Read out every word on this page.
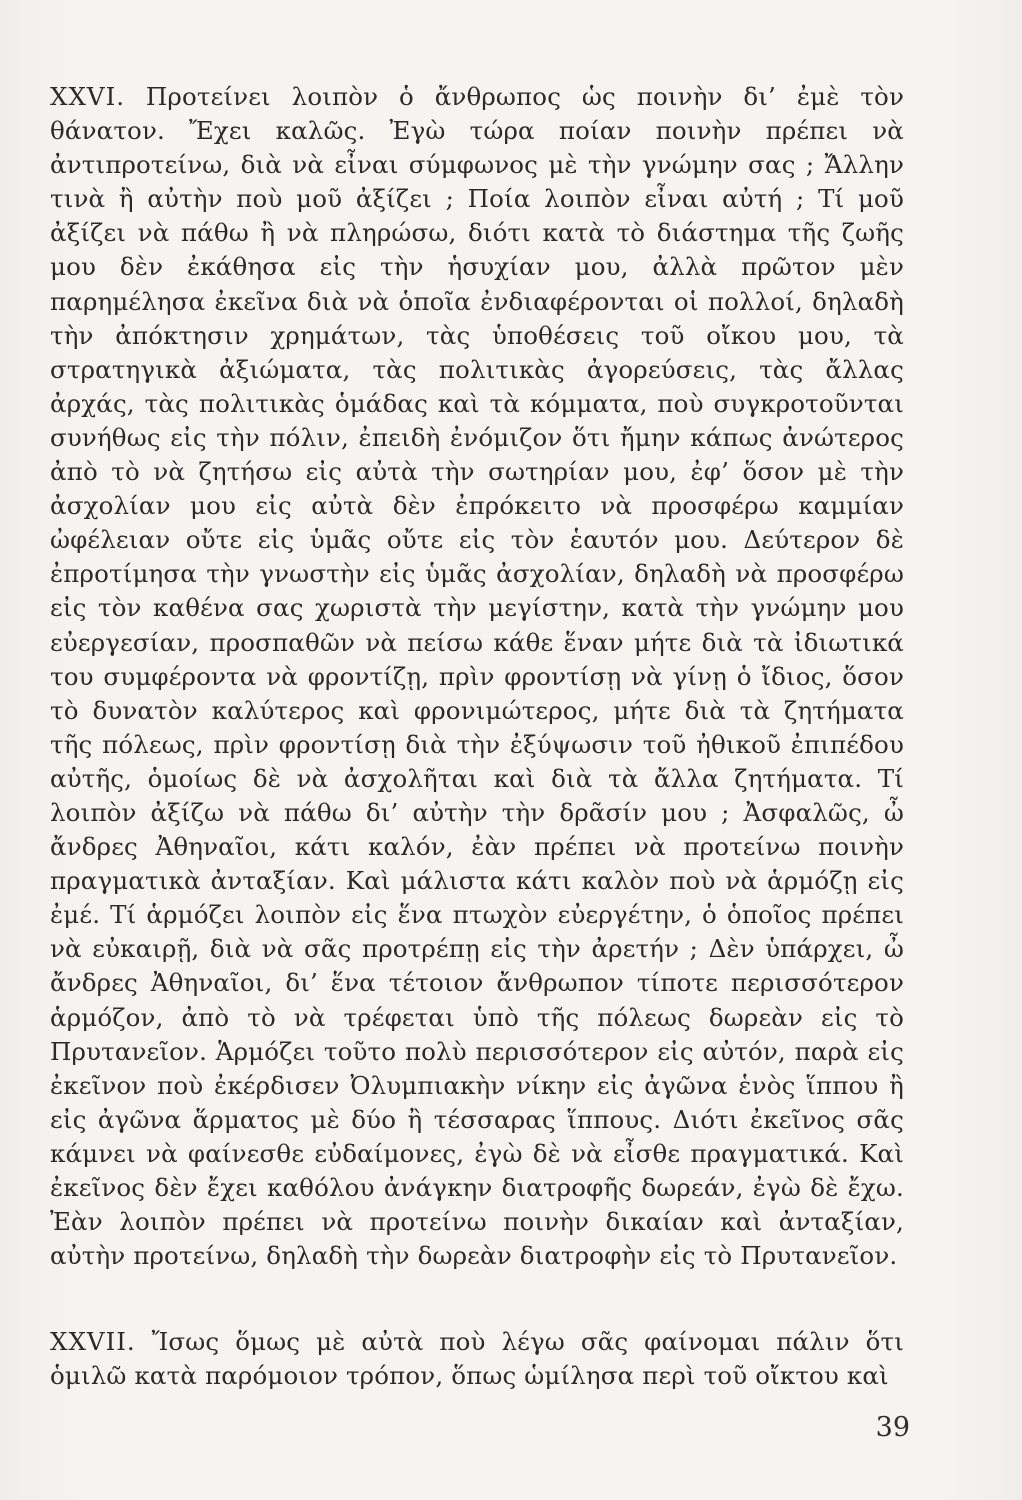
XXVI. Προτείνει λοιπὸν ὁ ἄνθρωπος ὡς ποινὴν δι’ ἐμὲ τὸν θάνατον. Ἔχει καλῶς. Ἐγὼ τώρα ποίαν ποινὴν πρέπει νὰ ἀντιπροτείνω, διὰ νὰ εἶναι σύμφωνος μὲ τὴν γνώμην σας ; Ἄλλην τινὰ ἢ αὐτὴν ποὺ μοῦ ἀξίζει ; Ποία λοιπὸν εἶναι αὐτή ; Τί μοῦ ἀξίζει νὰ πάθω ἢ νὰ πληρώσω, διότι κατὰ τὸ διάστημα τῆς ζωῆς μου δὲν ἐκάθησα εἰς τὴν ἡσυχίαν μου, ἀλλὰ πρῶτον μὲν παρημέλησα ἐκεῖνα διὰ νὰ ὁποῖα ἐνδιαφέρονται οἱ πολλοί, δηλαδὴ τὴν ἀπόκτησιν χρημάτων, τὰς ὑποθέσεις τοῦ οἴκου μου, τὰ στρατηγικὰ ἀξιώματα, τὰς πολιτικὰς ἀγορεύσεις, τὰς ἄλλας ἀρχάς, τὰς πολιτικὰς ὁμάδας καὶ τὰ κόμματα, ποὺ συγκροτοῦνται συνήθως εἰς τὴν πόλιν, ἐπειδὴ ἐνόμιζον ὅτι ἤμην κάπως ἀνώτερος ἀπὸ τὸ νὰ ζητήσω εἰς αὐτὰ τὴν σωτηρίαν μου, ἐφ’ ὅσον μὲ τὴν ἀσχολίαν μου εἰς αὐτὰ δὲν ἐπρόκειτο νὰ προσφέρω καμμίαν ὠφέλειαν οὔτε εἰς ὑμᾶς οὔτε εἰς τὸν ἑαυτόν μου. Δεύτερον δὲ ἐπροτίμησα τὴν γνωστὴν εἰς ὑμᾶς ἀσχολίαν, δηλαδὴ νὰ προσφέρω εἰς τὸν καθένα σας χωριστὰ τὴν μεγίστην, κατὰ τὴν γνώμην μου εὐεργεσίαν, προσπαθῶν νὰ πείσω κάθε ἕναν μήτε διὰ τὰ ἰδιωτικά του συμφέροντα νὰ φροντίζῃ, πρὶν φροντίσῃ νὰ γίνῃ ὁ ἴδιος, ὅσον τὸ δυνατὸν καλύτερος καὶ φρονιμώτερος, μήτε διὰ τὰ ζητήματα τῆς πόλεως, πρὶν φροντίσῃ διὰ τὴν ἐξύψωσιν τοῦ ἠθικοῦ ἐπιπέδου αὐτῆς, ὁμοίως δὲ νὰ ἀσχολῆται καὶ διὰ τὰ ἄλλα ζητήματα. Τί λοιπὸν ἀξίζω νὰ πάθω δι’ αὐτὴν τὴν δρᾶσίν μου ; Ἀσφαλῶς, ὦ ἄνδρες Ἀθηναῖοι, κάτι καλόν, ἐὰν πρέπει νὰ προτείνω ποινὴν πραγματικὰ ἀνταξίαν. Καὶ μάλιστα κάτι καλὸν ποὺ νὰ ἁρμόζῃ εἰς ἐμέ. Τί ἁρμόζει λοιπὸν εἰς ἕνα πτωχὸν εὐεργέτην, ὁ ὁποῖος πρέπει νὰ εὐκαιρῇ, διὰ νὰ σᾶς προτρέπῃ εἰς τὴν ἀρετήν ; Δὲν ὑπάρχει, ὦ ἄνδρες Ἀθηναῖοι, δι’ ἕνα τέτοιον ἄνθρωπον τίποτε περισσότερον ἁρμόζον, ἀπὸ τὸ νὰ τρέφεται ὑπὸ τῆς πόλεως δωρεὰν εἰς τὸ Πρυτανεῖον. Ἁρμόζει τοῦτο πολὺ περισσότερον εἰς αὐτόν, παρὰ εἰς ἐκεῖνον ποὺ ἐκέρδισεν Ὀλυμπιακὴν νίκην εἰς ἀγῶνα ἑνὸς ἵππου ἢ εἰς ἀγῶνα ἅρματος μὲ δύο ἢ τέσσαρας ἵππους. Διότι ἐκεῖνος σᾶς κάμνει νὰ φαίνεσθε εὐδαίμονες, ἐγὼ δὲ νὰ εἶσθε πραγματικά. Καὶ ἐκεῖνος δὲν ἔχει καθόλου ἀνάγκην διατροφῆς δωρεάν, ἐγὼ δὲ ἔχω. Ἐὰν λοιπὸν πρέπει νὰ προτείνω ποινὴν δικαίαν καὶ ἀνταξίαν, αὐτὴν προτείνω, δηλαδὴ τὴν δωρεὰν διατροφὴν εἰς τὸ Πρυτανεῖον.

XXVII. Ἴσως ὅμως μὲ αὐτὰ ποὺ λέγω σᾶς φαίνομαι πάλιν ὅτι ὁμιλῶ κατὰ παρόμοιον τρόπον, ὅπως ὡμίλησα περὶ τοῦ οἴκτου καὶ

39
